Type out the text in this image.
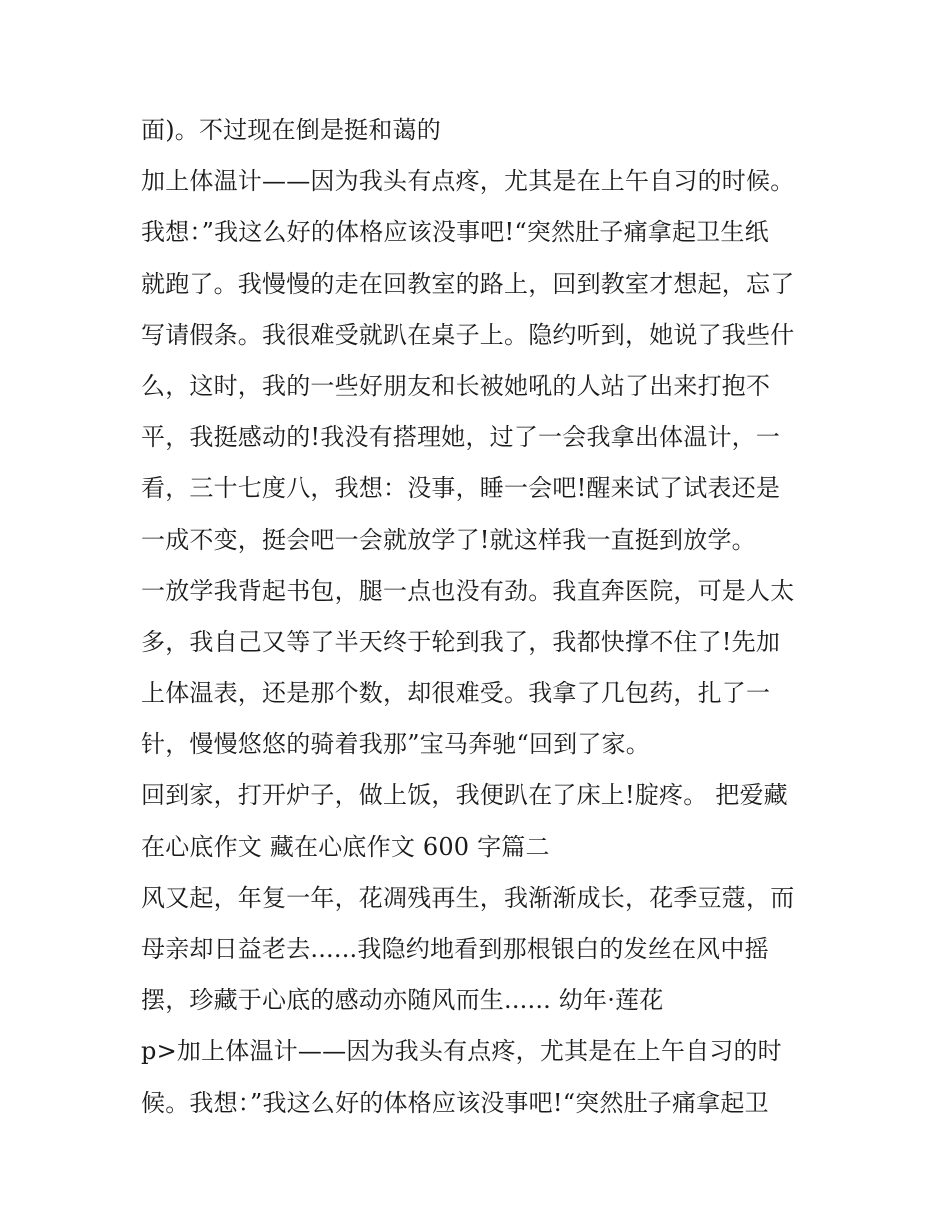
面)。不过现在倒是挺和蔼的
加上体温计——因为我头有点疼，尤其是在上午自习的时候。
我想：”我这么好的体格应该没事吧!“突然肚子痛拿起卫生纸
就跑了。我慢慢的走在回教室的路上，回到教室才想起，忘了
写请假条。我很难受就趴在桌子上。隐约听到，她说了我些什
么，这时，我的一些好朋友和长被她吼的人站了出来打抱不
平，我挺感动的!我没有搭理她，过了一会我拿出体温计，一
看，三十七度八，我想：没事，睡一会吧!醒来试了试表还是
一成不变，挺会吧一会就放学了!就这样我一直挺到放学。
一放学我背起书包，腿一点也没有劲。我直奔医院，可是人太
多，我自己又等了半天终于轮到我了，我都快撑不住了!先加
上体温表，还是那个数，却很难受。我拿了几包药，扎了一
针，慢慢悠悠的骑着我那”宝马奔驰“回到了家。
回到家，打开炉子，做上饭，我便趴在了床上!腚疼。 把爱藏
在心底作文 藏在心底作文 600 字篇二
风又起，年复一年，花凋残再生，我渐渐成长，花季豆蔻，而
母亲却日益老去......我隐约地看到那根银白的发丝在风中摇
摆，珍藏于心底的感动亦随风而生...... 幼年·莲花
p>加上体温计——因为我头有点疼，尤其是在上午自习的时
候。我想：”我这么好的体格应该没事吧!“突然肚子痛拿起卫
